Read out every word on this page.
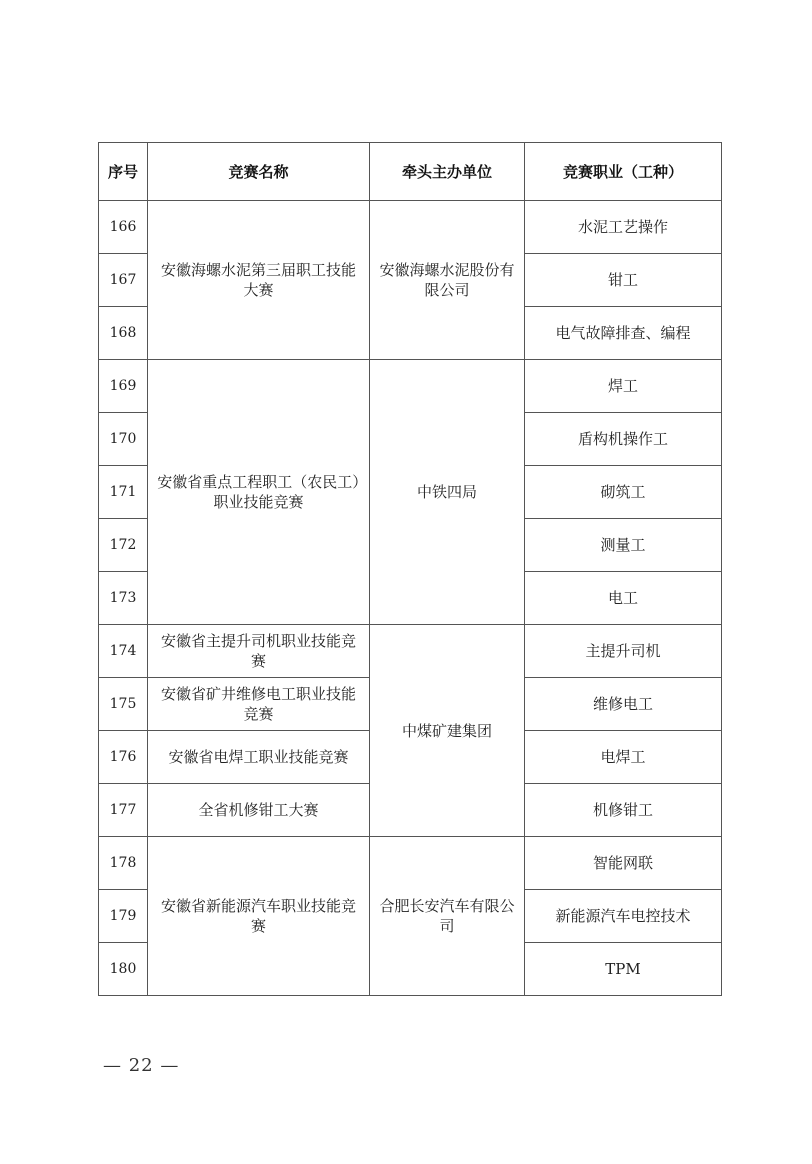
序号	竞赛名称	牵头主办单位	竞赛职业（工种）
166	安徽海螺水泥第三届职工技能大赛	安徽海螺水泥股份有限公司	水泥工艺操作
167			钳工
168			电气故障排查、编程
169	安徽省重点工程职工（农民工）职业技能竞赛	中铁四局	焊工
170			盾构机操作工
171			砌筑工
172			测量工
173			电工
174	安徽省主提升司机职业技能竞赛	中煤矿建集团	主提升司机
175	安徽省矿井维修电工职业技能竞赛		维修电工
176	安徽省电焊工职业技能竞赛		电焊工
177	全省机修钳工大赛		机修钳工
178	安徽省新能源汽车职业技能竞赛	合肥长安汽车有限公司	智能网联
179			新能源汽车电控技术
180			TPM
— 22 —
